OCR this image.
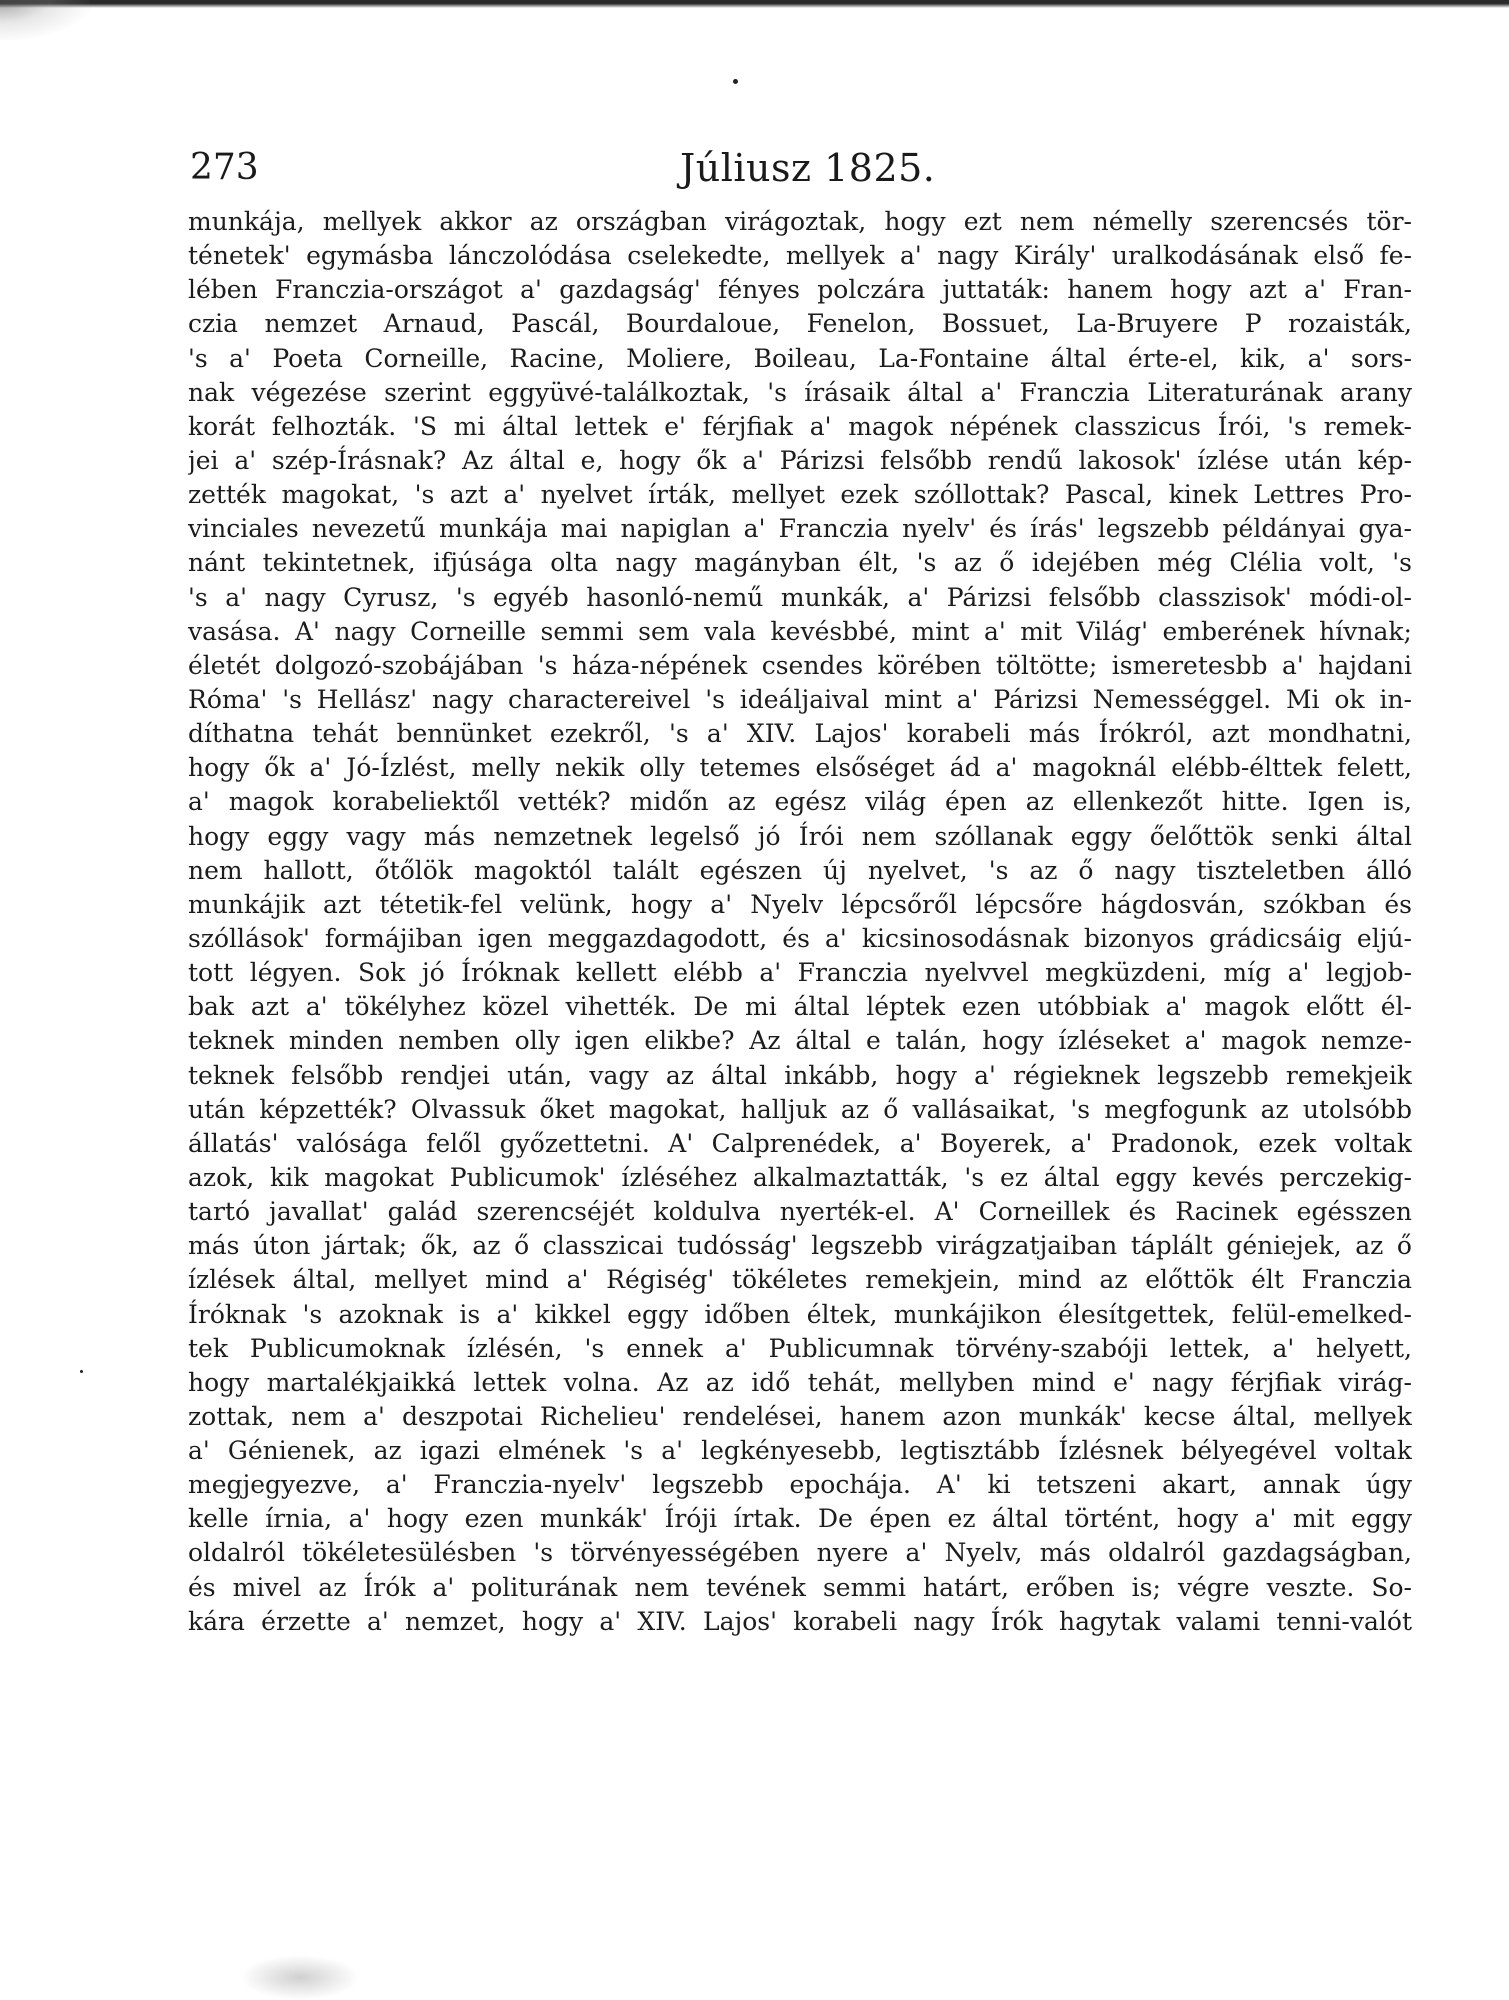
273	Júliusz 1825.
munkája, mellyek akkor az országban virágoztak, hogy ezt nem némelly szerencsés tör-
ténetek' egymásba lánczolódása cselekedte, mellyek a' nagy Király' uralkodásának első fe-
lében Franczia-országot a' gazdagság' fényes polczára juttaták: hanem hogy azt a' Fran-
czia nemzet Arnaud, Pascál, Bourdaloue, Fenelon, Bossuet, La-Bruyere P rozaisták,
's a' Poeta Corneille, Racine, Moliere, Boileau, La-Fontaine által érte-el, kik, a' sors-
nak végezése szerint eggyüvé-találkoztak, 's írásaik által a' Franczia Literaturának arany
korát felhozták. 'S mi által lettek e' férjfiak a' magok népének classzicus Írói, 's remek-
jei a' szép-Írásnak? Az által e, hogy ők a' Párizsi felsőbb rendű lakosok' ízlése után kép-
zették magokat, 's azt a' nyelvet írták, mellyet ezek szóllottak? Pascal, kinek Lettres Pro-
vinciales nevezetű munkája mai napiglan a' Franczia nyelv' és írás' legszebb példányai gya-
nánt tekintetnek, ifjúsága olta nagy magányban élt, 's az ő idejében még Clélia volt, 's
's a' nagy Cyrusz, 's egyéb hasonló-nemű munkák, a' Párizsi felsőbb classzisok' módi-ol-
vasása. A' nagy Corneille semmi sem vala kevésbbé, mint a' mit Világ' emberének hívnak;
életét dolgozó-szobájában 's háza-népének csendes körében töltötte; ismeretesbb a' hajdani
Róma' 's Hellász' nagy charactereivel 's ideáljaival mint a' Párizsi Nemességgel. Mi ok in-
díthatna tehát bennünket ezekről, 's a' XIV. Lajos' korabeli más Írókról, azt mondhatni,
hogy ők a' Jó-Ízlést, melly nekik olly tetemes elsőséget ád a' magoknál elébb-élttek felett,
a' magok korabeliektől vették? midőn az egész világ épen az ellenkezőt hitte. Igen is,
hogy eggy vagy más nemzetnek legelső jó Írói nem szóllanak eggy őelőttök senki által
nem hallott, őtőlök magoktól talált egészen új nyelvet, 's az ő nagy tiszteletben álló
munkájik azt tétetik-fel velünk, hogy a' Nyelv lépcsőről lépcsőre hágdosván, szókban és
szóllások' formájiban igen meggazdagodott, és a' kicsinosodásnak bizonyos grádicsáig eljú-
tott légyen. Sok jó Íróknak kellett elébb a' Franczia nyelvvel megküzdeni, míg a' legjob-
bak azt a' tökélyhez közel vihették. De mi által léptek ezen utóbbiak a' magok előtt él-
teknek minden nemben olly igen elikbe? Az által e talán, hogy ízléseket a' magok nemze-
teknek felsőbb rendjei után, vagy az által inkább, hogy a' régieknek legszebb remekjeik
után képzették? Olvassuk őket magokat, halljuk az ő vallásaikat, 's megfogunk az utolsóbb
állatás' valósága felől győzettetni. A' Calprenédek, a' Boyerek, a' Pradonok, ezek voltak
azok, kik magokat Publicumok' ízléséhez alkalmaztatták, 's ez által eggy kevés perczekig-
tartó javallat' galád szerencséjét koldulva nyerték-el. A' Corneillek és Racinek egésszen
más úton jártak; ők, az ő classzicai tudósság' legszebb virágzatjaiban táplált géniejek, az ő
ízlések által, mellyet mind a' Régiség' tökéletes remekjein, mind az előttök élt Franczia
Íróknak 's azoknak is a' kikkel eggy időben éltek, munkájikon élesítgettek, felül-emelked-
tek Publicumoknak ízlésén, 's ennek a' Publicumnak törvény-szabóji lettek, a' helyett,
hogy martalékjaikká lettek volna. Az az idő tehát, mellyben mind e' nagy férjfiak virág-
zottak, nem a' deszpotai Richelieu' rendelései, hanem azon munkák' kecse által, mellyek
a' Génienek, az igazi elmének 's a' legkényesebb, legtisztább Ízlésnek bélyegével voltak
megjegyezve, a' Franczia-nyelv' legszebb epochája. A' ki tetszeni akart, annak úgy
kelle írnia, a' hogy ezen munkák' Íróji írtak. De épen ez által történt, hogy a' mit eggy
oldalról tökéletesülésben 's törvényességében nyere a' Nyelv, más oldalról gazdagságban,
és mivel az Írók a' politurának nem tevének semmi határt, erőben is; végre veszte. So-
kára érzette a' nemzet, hogy a' XIV. Lajos' korabeli nagy Írók hagytak valami tenni-valót
